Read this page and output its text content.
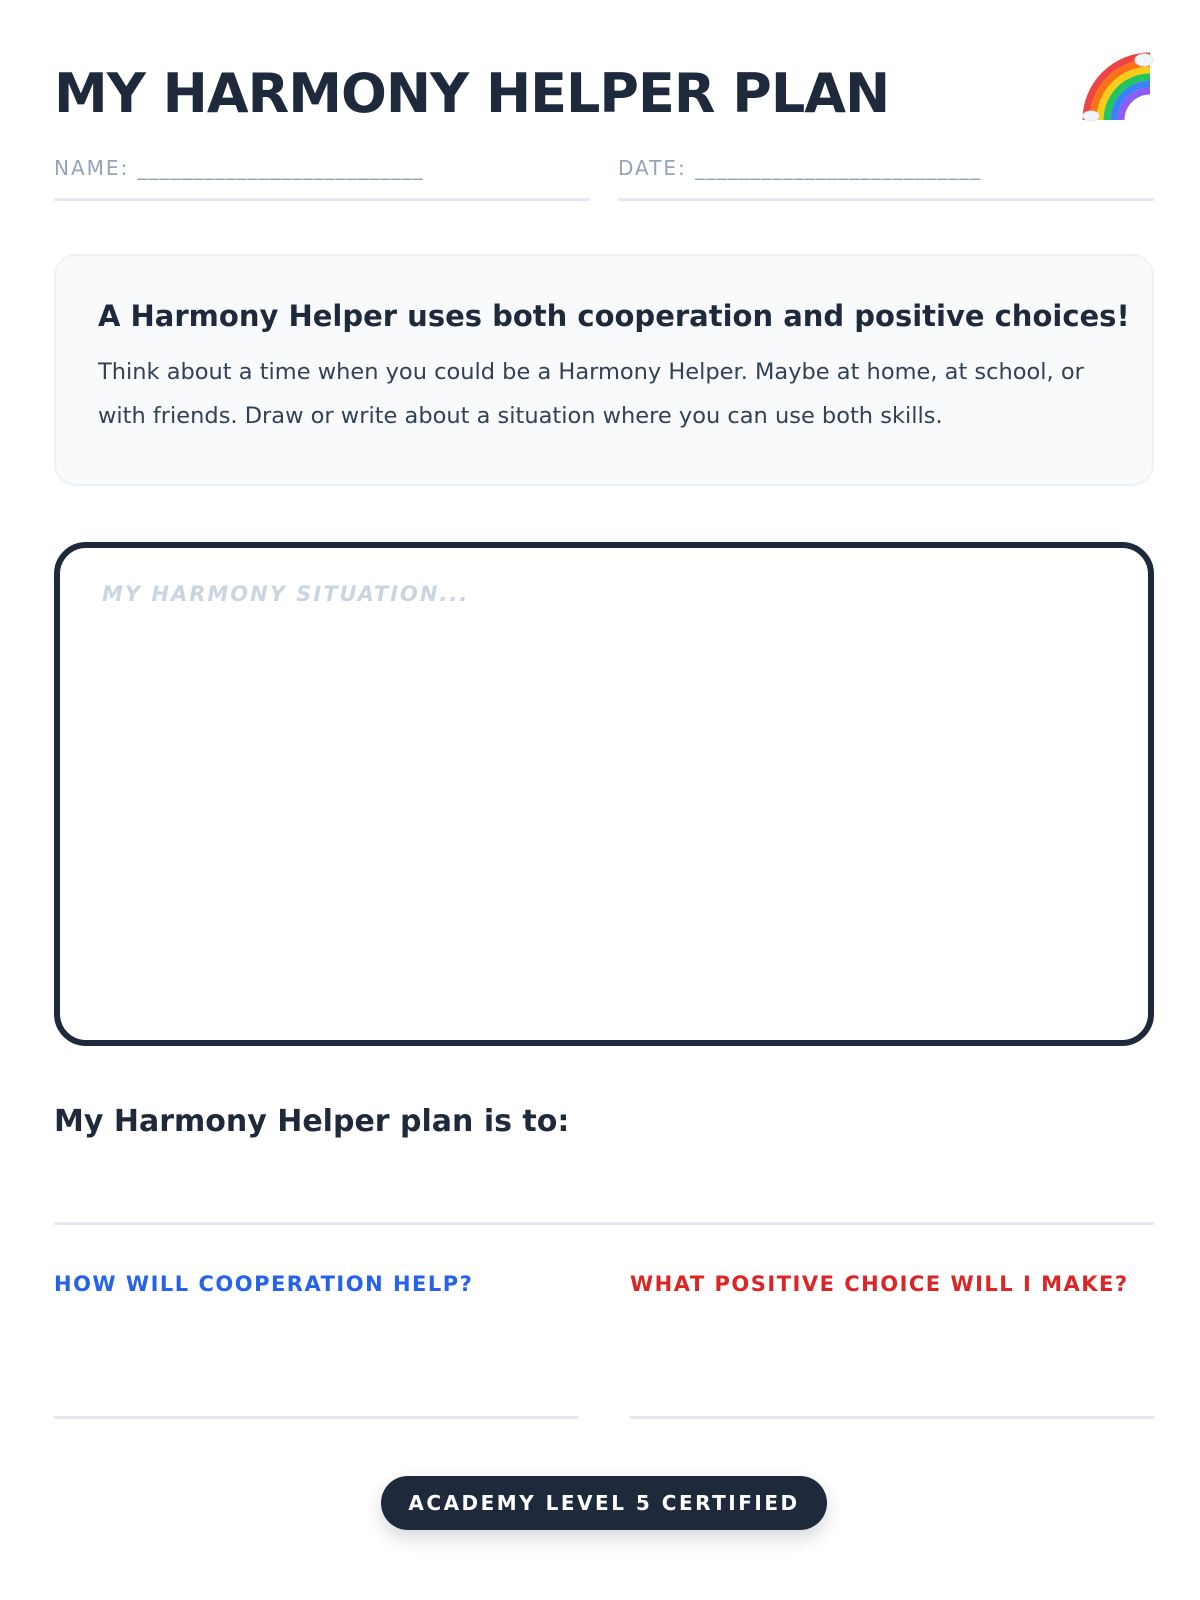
MY HARMONY HELPER PLAN
NAME: __________________________	DATE: __________________________
A Harmony Helper uses both cooperation and positive choices!

Think about a time when you could be a Harmony Helper. Maybe at home, at school, or with friends. Draw or write about a situation where you can use both skills.

MY HARMONY SITUATION...
My Harmony Helper plan is to:
HOW WILL COOPERATION HELP?	WHAT POSITIVE CHOICE WILL I MAKE?
ACADEMY LEVEL 5 CERTIFIED
